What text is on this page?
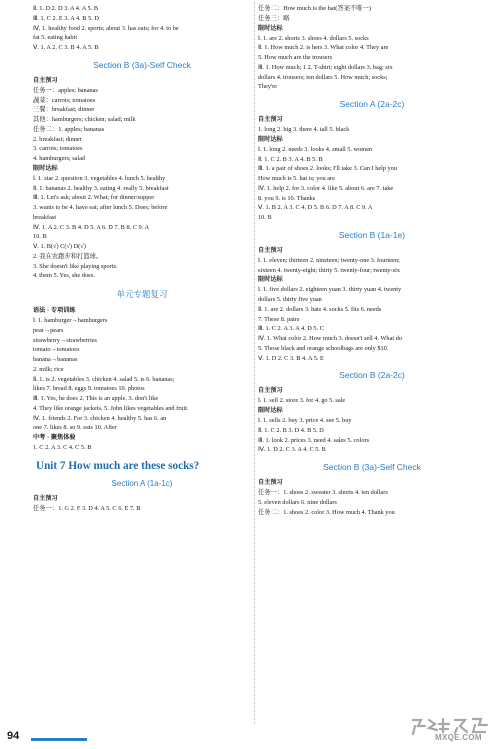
Ⅱ. 1. D 2. D 3. A 4. A 5. B
Ⅲ. 1. C 2. E 3. A 4. B 5. D
Ⅳ. 1. healthy food 2. sports; about 3. has eats; for 4. to be
fat 5. eating habit
Ⅴ. 1. A 2. C 3. B 4. A 5. B
Section B (3a)-Self Check
自主预习
任务一：apples; bananas
蔬菜：carrots; tomatoes
三餐：breakfast; dinner
其他：hamburgers; chicken; salad; milk
任务二：1. apples; bananas
2. breakfast; dinner
3. carrots; tomatoes
4. hamburgers; salad
限时达标
Ⅰ. 1. star 2. question 3. vegetables 4. lunch 5. healthy
Ⅱ. 1. bananas 2. healthy 3. eating 4. really 5. breakfast
Ⅲ. 1. Let's ask; about 2. What; for dinner/supper
3. wants to be 4. have eat; after lunch 5. Does; before
breakfast
Ⅳ. 1. A 2. C 3. B 4. D 5. A 6. D 7. B 8. C 9. A
10. B
Ⅴ. 1. B(√) C(√) D(√)
2. 我在农跑步和打篮球。
3. She doesn't like playing sports.
4. them 5. Yes, she does.
单元专题复习
语法 · 专项训练
Ⅰ. 1. hamburger→hamburgers
pear→pears
strawberry→strawberries
tomato→tomatoes
banana→bananas
2. milk; rice
Ⅱ. 1. is 2. vegetables 3. chicken 4. salad 5. is 6. bananas;
likes 7. bread 8. eggs 9. tomatoes 10. photos
Ⅲ. 1. Yes, he does 2. This is an apple. 3. don't like
4. They like orange jackets. 5. John likes vegetables and fruit.
Ⅳ. 1. friends 2. For 3. chicken 4. healthy 5. has 6. an
one 7. likes 8. so 9. eats 10. After
中考 · 聚焦体验
1. C 2. A 3. C 4. C 5. B
Unit 7 How much are these socks?
Section A (1a-1c)
自主预习
任务一：1. G 2. F 3. D 4. A 5. C 6. E 7. B
任务二：How much is the hat(答案不唯一)
任务三：略
限时达标
Ⅰ. 1. are 2. shorts 3. shoes 4. dollars 5. socks
Ⅱ. 1. How much 2. is hers 3. What color 4. They are
5. How much are the trousers
Ⅲ. 1. How much; 1 2. T-shirt; eight dollars 3. bag; six
dollars 4. trousers; ten dollars 5. How much; socks;
They're
Section A (2a-2c)
自主预习
1. long 2. big 3. there 4. tall 5. black
限时达标
Ⅰ. 1. long 2. needs 3. looks 4. small 5. women
Ⅱ. 1. C 2. B 3. A 4. B 5. B
Ⅲ. 1. a pair of shoes 2. looks; I'll take 3. Can I help you
How much is 5. hat is; you are
Ⅳ. 1. help 2. for 3. color 4. like 5. about 6. are 7. take
8. you 9. is 10. Thanks
Ⅴ. 1. B 2. A 3. C 4. D 5. B 6. D 7. A 8. C 9. A
10. B
Section B (1a-1e)
自主预习
Ⅰ. 1. eleven; thirteen 2. nineteen; twenty-one 3. fourteen;
sixteen 4. twenty-eight; thirty 5. twenty-four; twenty-six
限时达标
Ⅰ. 1. five dollars 2. eighteen yuan 3. thirty yuan 4. twenty
dollars 5. thirty five yuan
Ⅱ. 1. are 2. dollars 3. hats 4. socks 5. fits 6. needs
7. These 8. pairs
Ⅲ. 1. C 2. A 3. A 4. D 5. C
Ⅳ. 1. What color 2. How much 3. doesn't sell 4. What do
5. Those black and orange schoolbags are only $10.
Ⅴ. 1. D 2. C 3. B 4. A 5. E
Section B (2a-2c)
自主预习
Ⅰ. 1. sell 2. store 3. for 4. go 5. sale
限时达标
Ⅰ. 1. sells 2. buy 3. price 4. see 5. buy
Ⅱ. 1. C 2. B 3. D 4. B 5. D
Ⅲ. 1. look 2. prices 3. need 4. sales 5. colors
Ⅳ. 1. D 2. C 3. A 4. C 5. B
Section B (3a)-Self Check
自主预习
任务一：1. shoes 2. sweater 3. shorts 4. ten dollars
5. eleven dollars 6. nine dollars
任务二：1. shoes 2. color 3. How much 4. Thank you
94	MXQE.COM
